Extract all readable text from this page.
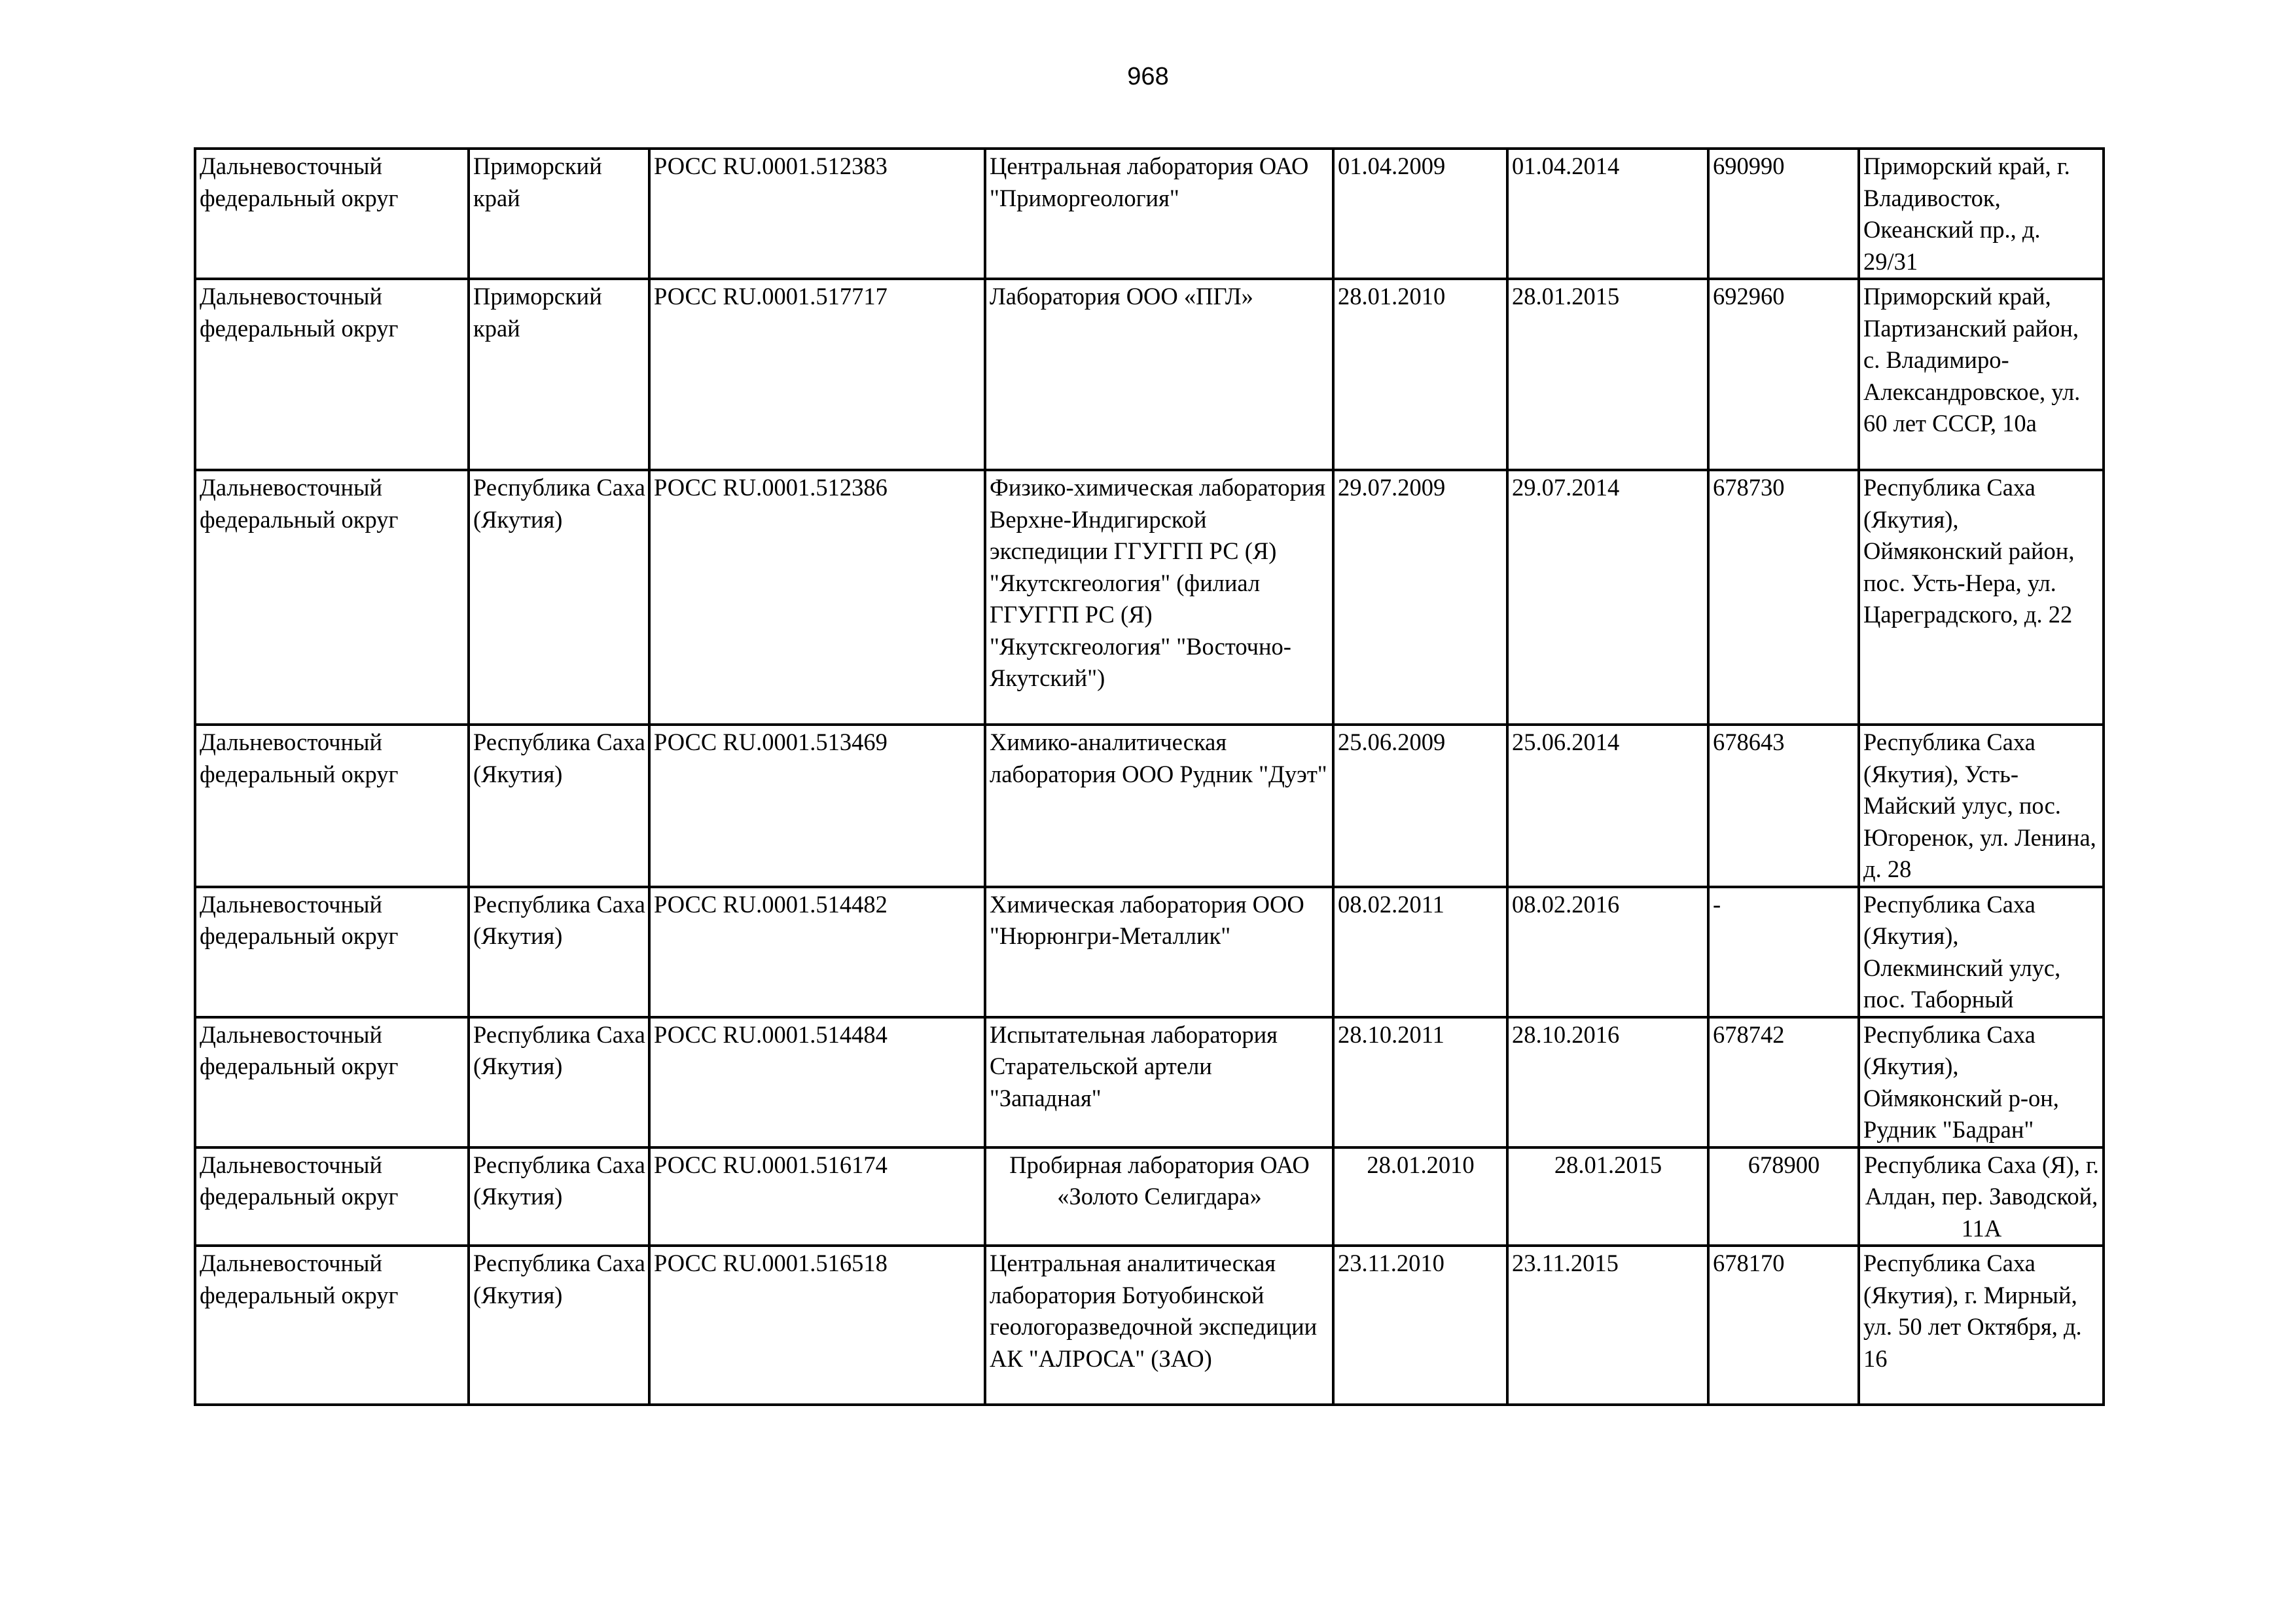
968
Дальневосточный федеральный округ	Приморский край	РОСС RU.0001.512383	Центральная лаборатория ОАО "Приморгеология"	01.04.2009	01.04.2014	690990	Приморский край, г. Владивосток, Океанский пр., д. 29/31
Дальневосточный федеральный округ	Приморский край	РОСС RU.0001.517717	Лаборатория ООО «ПГЛ»	28.01.2010	28.01.2015	692960	Приморский край, Партизанский район, с. Владимиро-Александровское, ул. 60 лет СССР, 10а
Дальневосточный федеральный округ	Республика Саха (Якутия)	РОСС RU.0001.512386	Физико-химическая лаборатория Верхне-Индигирской экспедиции ГГУГГП РС (Я) "Якутскгеология" (филиал ГГУГГП РС (Я) "Якутскгеология" "Восточно-Якутский")	29.07.2009	29.07.2014	678730	Республика Саха (Якутия), Оймяконский район, пос. Усть-Нера, ул. Цареградского, д. 22
Дальневосточный федеральный округ	Республика Саха (Якутия)	РОСС RU.0001.513469	Химико-аналитическая лаборатория ООО Рудник "Дуэт"	25.06.2009	25.06.2014	678643	Республика Саха (Якутия), Усть-Майский улус, пос. Югоренок, ул. Ленина, д. 28
Дальневосточный федеральный округ	Республика Саха (Якутия)	РОСС RU.0001.514482	Химическая лаборатория ООО "Нюрюнгри-Металлик"	08.02.2011	08.02.2016	-	Республика Саха (Якутия), Олекминский улус, пос. Таборный
Дальневосточный федеральный округ	Республика Саха (Якутия)	РОСС RU.0001.514484	Испытательная лаборатория Старательской артели "Западная"	28.10.2011	28.10.2016	678742	Республика Саха (Якутия), Оймяконский р-он, Рудник "Бадран"
Дальневосточный федеральный округ	Республика Саха (Якутия)	РОСС RU.0001.516174	Пробирная лаборатория ОАО «Золото Селигдара»	28.01.2010	28.01.2015	678900	Республика Саха (Я), г. Алдан, пер. Заводской, 11А
Дальневосточный федеральный округ	Республика Саха (Якутия)	РОСС RU.0001.516518	Центральная аналитическая лаборатория Ботуобинской геологоразведочной экспедиции АК "АЛРОСА" (ЗАО)	23.11.2010	23.11.2015	678170	Республика Саха (Якутия), г. Мирный, ул. 50 лет Октября, д. 16
